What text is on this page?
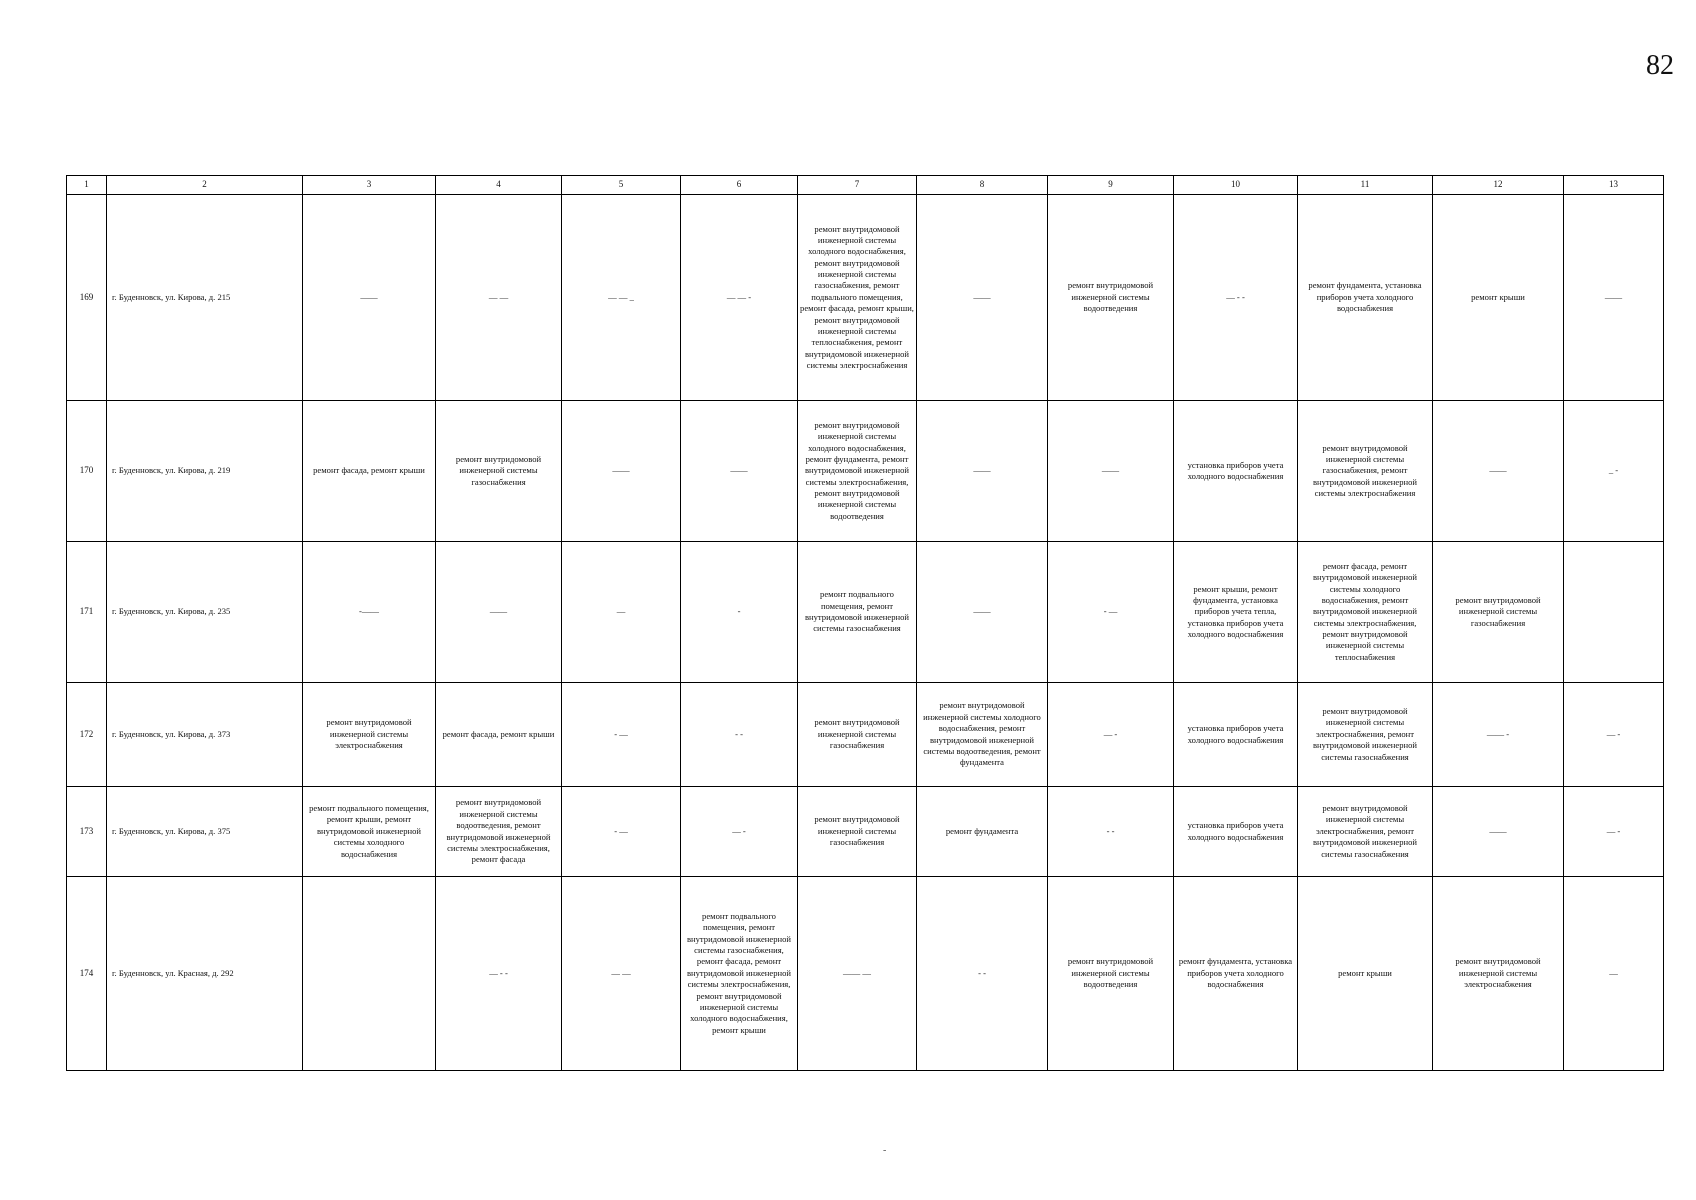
82
1	2	3	4	5	6	7	8	9	10	11	12	13
169	г. Буденновск, ул. Кирова, д. 215	——	— —	— — _	— — -	ремонт внутридомовой инженерной системы холодного водоснабжения, ремонт внутридомовой инженерной системы газоснабжения, ремонт подвального помещения, ремонт фасада, ремонт крыши, ремонт внутридомовой инженерной системы теплоснабжения, ремонт внутридомовой инженерной системы электроснабжения	——	ремонт внутридомовой инженерной системы водоотведения	— - -	ремонт фундамента, установка приборов учета холодного водоснабжения	ремонт крыши	——
170	г. Буденновск, ул. Кирова, д. 219	ремонт фасада, ремонт крыши	ремонт внутридомовой инженерной системы газоснабжения	——	——	ремонт внутридомовой инженерной системы холодного водоснабжения, ремонт фундамента, ремонт внутридомовой инженерной системы электроснабжения, ремонт внутридомовой инженерной системы водоотведения	——	——	установка приборов учета холодного водоснабжения	ремонт внутридомовой инженерной системы газоснабжения, ремонт внутридомовой инженерной системы электроснабжения	——	_ -
171	г. Буденновск, ул. Кирова, д. 235	-——	——	—	-	ремонт подвального помещения, ремонт внутридомовой инженерной системы газоснабжения	——	- —	ремонт крыши, ремонт фундамента, установка приборов учета тепла, установка приборов учета холодного водоснабжения	ремонт фасада, ремонт внутридомовой инженерной системы холодного водоснабжения, ремонт внутридомовой инженерной системы электроснабжения, ремонт внутридомовой инженерной системы теплоснабжения	ремонт внутридомовой инженерной системы газоснабжения	
172	г. Буденновск, ул. Кирова, д. 373	ремонт внутридомовой инженерной системы электроснабжения	ремонт фасада, ремонт крыши	- —	- -	ремонт внутридомовой инженерной системы газоснабжения	ремонт внутридомовой инженерной системы холодного водоснабжения, ремонт внутридомовой инженерной системы водоотведения, ремонт фундамента	— -	установка приборов учета холодного водоснабжения	ремонт внутридомовой инженерной системы электроснабжения, ремонт внутридомовой инженерной системы газоснабжения	—— -	— -
173	г. Буденновск, ул. Кирова, д. 375	ремонт подвального помещения, ремонт крыши, ремонт внутридомовой инженерной системы холодного водоснабжения	ремонт внутридомовой инженерной системы водоотведения, ремонт внутридомовой инженерной системы электроснабжения, ремонт фасада	- —	— -	ремонт внутридомовой инженерной системы газоснабжения	ремонт фундамента	- -	установка приборов учета холодного водоснабжения	ремонт внутридомовой инженерной системы электроснабжения, ремонт внутридомовой инженерной системы газоснабжения	——	— -
174	г. Буденновск, ул. Красная, д. 292		— - -	— —	ремонт подвального помещения, ремонт внутридомовой инженерной системы газоснабжения, ремонт фасада, ремонт внутридомовой инженерной системы электроснабжения, ремонт внутридомовой инженерной системы холодного водоснабжения, ремонт крыши	—— —	- -	ремонт внутридомовой инженерной системы водоотведения	ремонт фундамента, установка приборов учета холодного водоснабжения	ремонт крыши	ремонт внутридомовой инженерной системы электроснабжения	—
-
